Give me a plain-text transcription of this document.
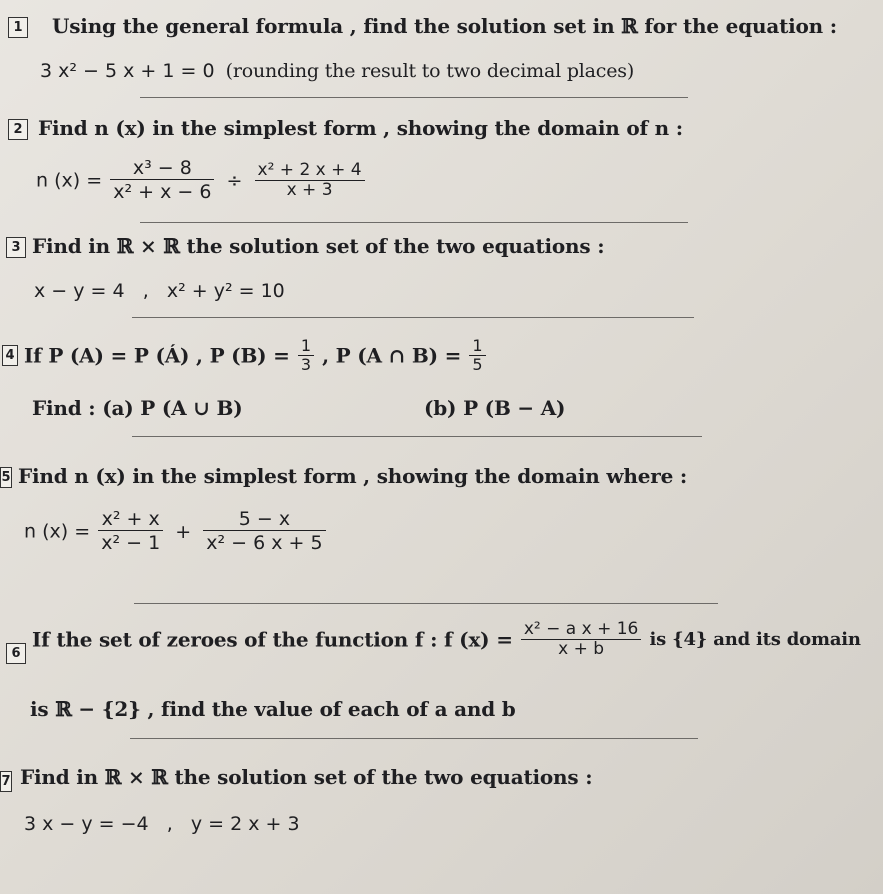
1 Using the general formula , find the solution set in ℝ for the equation :
3 x² − 5 x + 1 = 0 (rounding the result to two decimal places)
2 Find n (x) in the simplest form , showing the domain of n :
n $(x) = \frac{\text{x³ − 8}}{\text{x² + x − 6}} \div \frac{\text{x² + 2 x + 4}}{x + 3}$
3 Find in ℝ × ℝ the solution set of the two equations :
x − y = 4   ,   x² + y² = 10
4 If P (A) = P (Á) , P $(B) = \frac{1}{3}$ , P (A ∩ $B) = \frac{1}{5}$
Find : (a) P (A ∪ B)	(b) P (B − A)
5 Find n (x) in the simplest form , showing the domain where :
n $(x) = \frac{\text{x² + x}}{\text{x² − 1}} + \frac{5 - x}{\text{x² − 6 x + 5}}$
6
If the set of zeroes of the function f : f $(x) = \frac{\text{x² − a x + 16}}{x + b}$ is {4} and its domain
is ℝ − {2} , find the value of each of a and b
7 Find in ℝ × ℝ the solution set of the two equations :
3 x − y = −4   ,   y = 2 x + 3
